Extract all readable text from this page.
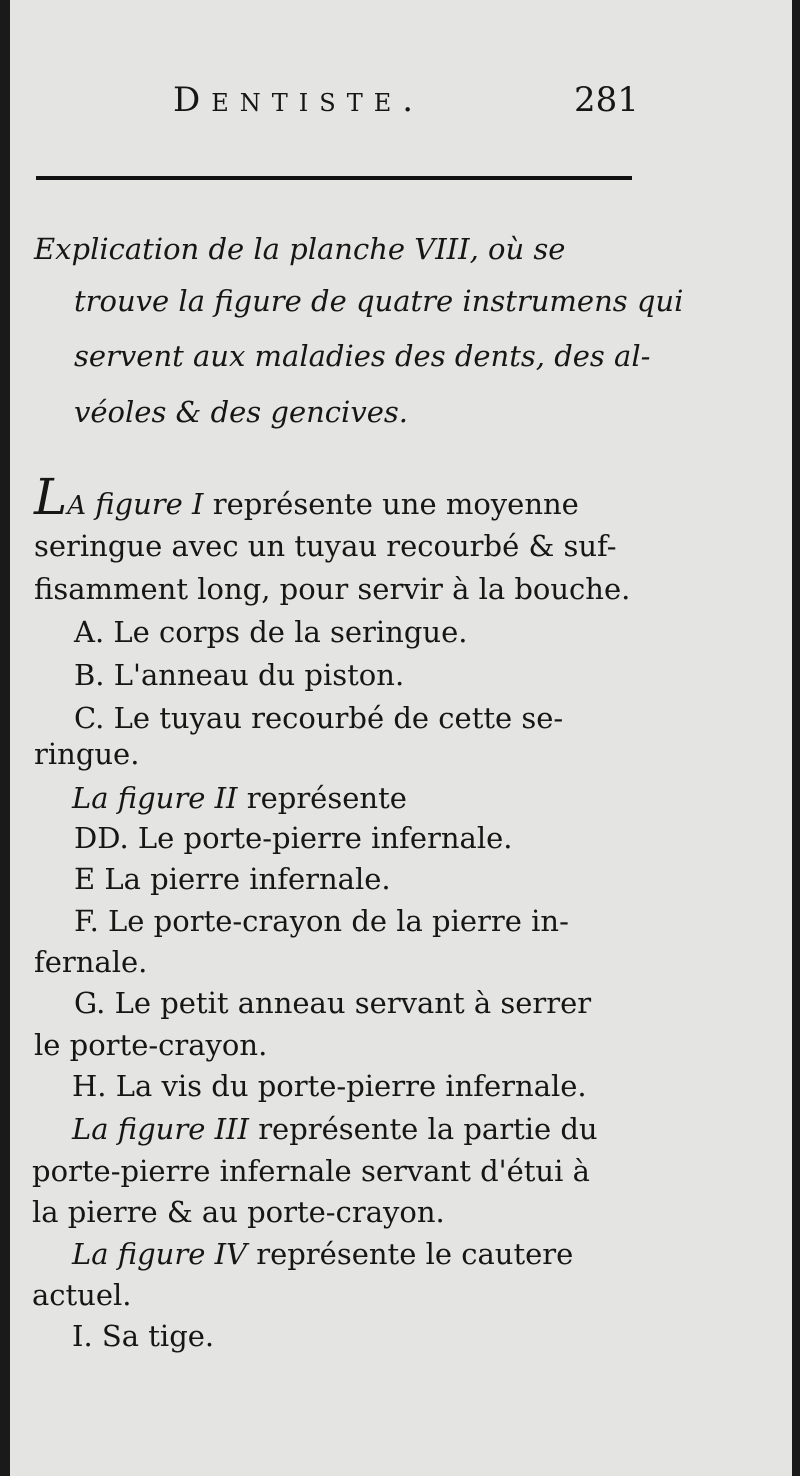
Dentiste.	281
Explication de la planche VIII, où se
trouve la figure de quatre instrumens qui
servent aux maladies des dents, des al-
véoles & des gencives.
LA figure I représente une moyenne
seringue avec un tuyau recourbé & suf-
fisamment long, pour servir à la bouche.
A. Le corps de la seringue.
B. L'anneau du piston.
C. Le tuyau recourbé de cette se-
ringue.
La figure II représente
DD. Le porte-pierre infernale.
E La pierre infernale.
F. Le porte-crayon de la pierre in-
fernale.
G. Le petit anneau servant à serrer
le porte-crayon.
H. La vis du porte-pierre infernale.
La figure III représente la partie du
porte-pierre infernale servant d'étui à
la pierre & au porte-crayon.
La figure IV représente le cautere
actuel.
I. Sa tige.
